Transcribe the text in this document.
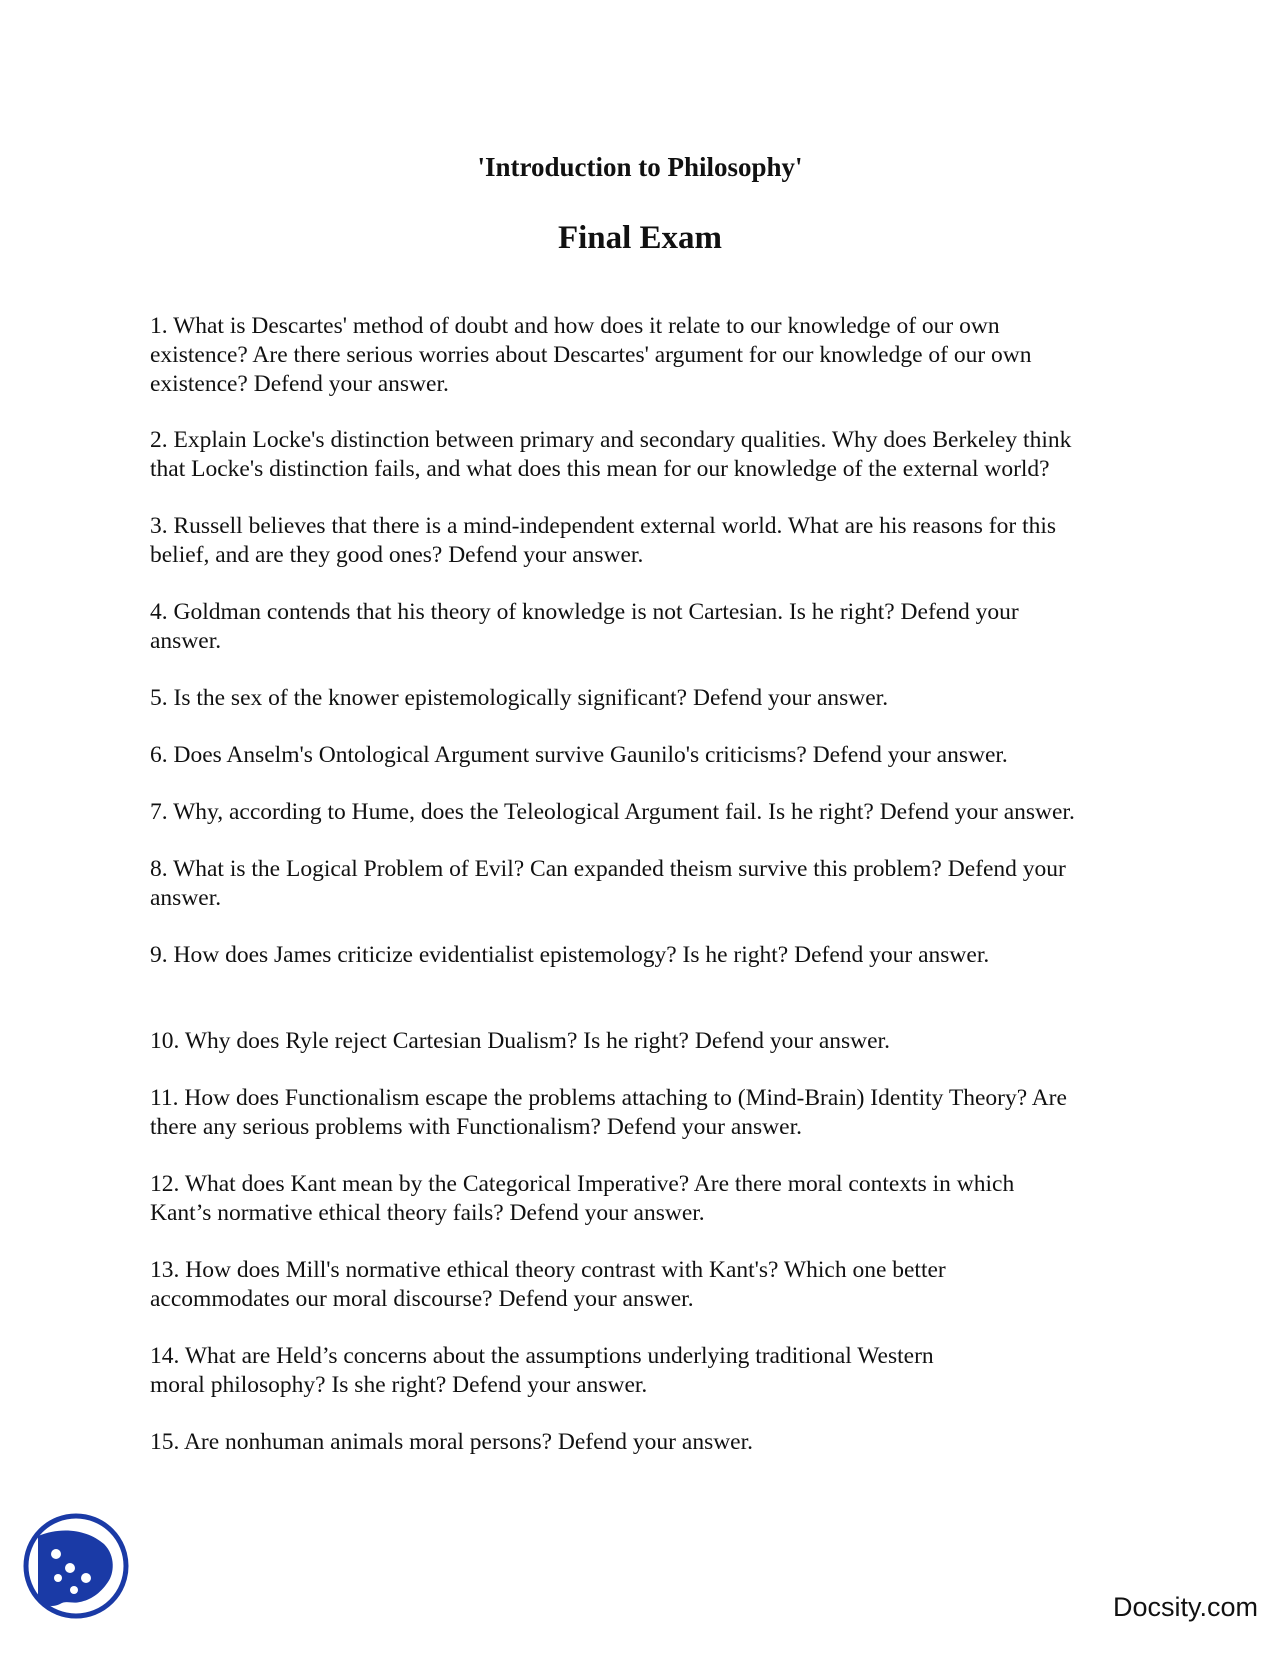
'Introduction to Philosophy'
Final Exam
1. What is Descartes' method of doubt and how does it relate to our knowledge of our own
existence? Are there serious worries about Descartes' argument for our knowledge of our own
existence? Defend your answer.
2. Explain Locke's distinction between primary and secondary qualities. Why does Berkeley think
that Locke's distinction fails, and what does this mean for our knowledge of the external world?
3. Russell believes that there is a mind-independent external world. What are his reasons for this
belief, and are they good ones? Defend your answer.
4. Goldman contends that his theory of knowledge is not Cartesian. Is he right? Defend your
answer.
5. Is the sex of the knower epistemologically significant? Defend your answer.
6. Does Anselm's Ontological Argument survive Gaunilo's criticisms? Defend your answer.
7. Why, according to Hume, does the Teleological Argument fail. Is he right? Defend your answer.
8. What is the Logical Problem of Evil? Can expanded theism survive this problem? Defend your
answer.
9. How does James criticize evidentialist epistemology? Is he right? Defend your answer.
10. Why does Ryle reject Cartesian Dualism? Is he right? Defend your answer.
11. How does Functionalism escape the problems attaching to (Mind-Brain) Identity Theory? Are
there any serious problems with Functionalism? Defend your answer.
12. What does Kant mean by the Categorical Imperative? Are there moral contexts in which
Kant’s normative ethical theory fails? Defend your answer.
13. How does Mill's normative ethical theory contrast with Kant's? Which one better
accommodates our moral discourse? Defend your answer.
14. What are Held’s concerns about the assumptions underlying traditional Western
moral philosophy? Is she right? Defend your answer.
15. Are nonhuman animals moral persons? Defend your answer.
Docsity.com
